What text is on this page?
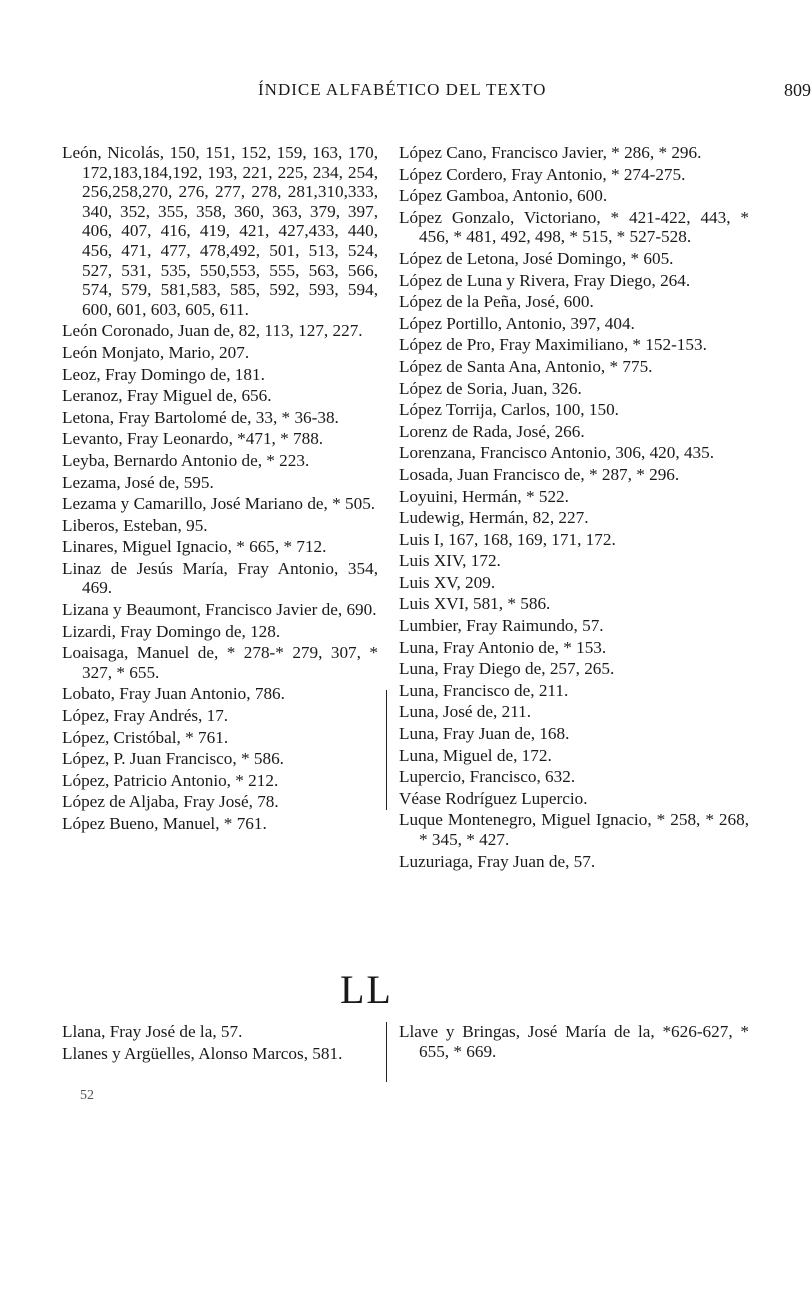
ÍNDICE ALFABÉTICO DEL TEXTO	809

León, Nicolás, 150, 151, 152, 159, 163, 170, 172,183,184,192, 193, 221, 225, 234, 254, 256,258,270, 276, 277, 278, 281,310,333, 340, 352, 355, 358, 360, 363, 379, 397, 406, 407, 416, 419, 421, 427,433, 440, 456, 471, 477, 478,492, 501, 513, 524, 527, 531, 535, 550,553, 555, 563, 566, 574, 579, 581,583, 585, 592, 593, 594, 600, 601, 603, 605, 611.

León Coronado, Juan de, 82, 113, 127, 227.

León Monjato, Mario, 207.

Leoz, Fray Domingo de, 181.

Leranoz, Fray Miguel de, 656.

Letona, Fray Bartolomé de, 33, * 36-38.

Levanto, Fray Leonardo, *471, * 788.

Leyba, Bernardo Antonio de, * 223.

Lezama, José de, 595.

Lezama y Camarillo, José Mariano de, * 505.

Liberos, Esteban, 95.

Linares, Miguel Ignacio, * 665, * 712.

Linaz de Jesús María, Fray Antonio, 354, 469.

Lizana y Beaumont, Francisco Javier de, 690.

Lizardi, Fray Domingo de, 128.

Loaisaga, Manuel de, * 278-* 279, 307, * 327, * 655.

Lobato, Fray Juan Antonio, 786.

López, Fray Andrés, 17.

López, Cristóbal, * 761.

López, P. Juan Francisco, * 586.

López, Patricio Antonio, * 212.

López de Aljaba, Fray José, 78.

López Bueno, Manuel, * 761.

López Cano, Francisco Javier, * 286, * 296.

López Cordero, Fray Antonio, * 274-275.

López Gamboa, Antonio, 600.

López Gonzalo, Victoriano, * 421-422, 443, * 456, * 481, 492, 498, * 515, * 527-528.

López de Letona, José Domingo, * 605.

López de Luna y Rivera, Fray Diego, 264.

López de la Peña, José, 600.

López Portillo, Antonio, 397, 404.

López de Pro, Fray Maximiliano, * 152-153.

López de Santa Ana, Antonio, * 775.

López de Soria, Juan, 326.

López Torrija, Carlos, 100, 150.

Lorenz de Rada, José, 266.

Lorenzana, Francisco Antonio, 306, 420, 435.

Losada, Juan Francisco de, * 287, * 296.

Loyuini, Hermán, * 522.

Ludewig, Hermán, 82, 227.

Luis I, 167, 168, 169, 171, 172.

Luis XIV, 172.

Luis XV, 209.

Luis XVI, 581, * 586.

Lumbier, Fray Raimundo, 57.

Luna, Fray Antonio de, * 153.

Luna, Fray Diego de, 257, 265.

Luna, Francisco de, 211.

Luna, José de, 211.

Luna, Fray Juan de, 168.

Luna, Miguel de, 172.

Lupercio, Francisco, 632.

Véase Rodríguez Lupercio.

Luque Montenegro, Miguel Ignacio, * 258, * 268, * 345, * 427.

Luzuriaga, Fray Juan de, 57.

LL

Llana, Fray José de la, 57.

Llanes y Argüelles, Alonso Marcos, 581.

Llave y Bringas, José María de la, *626-627, * 655, * 669.

52
